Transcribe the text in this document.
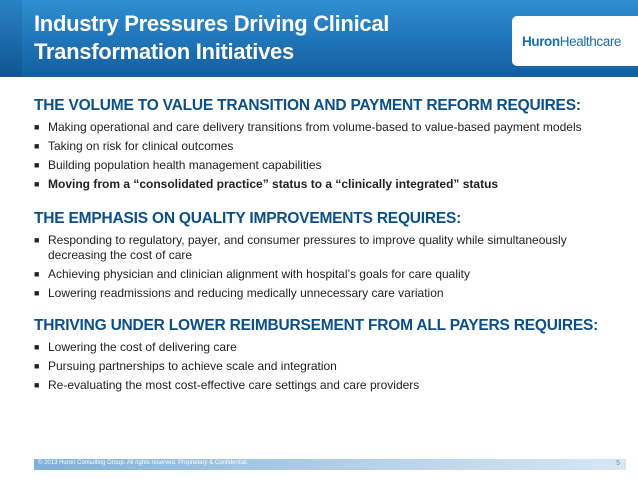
Industry Pressures Driving Clinical
Transformation Initiatives	HuronHealthcare
THE VOLUME TO VALUE TRANSITION AND PAYMENT REFORM REQUIRES:
■ Making operational and care delivery transitions from volume-based to value-based payment models
■ Taking on risk for clinical outcomes
■ Building population health management capabilities
■ Moving from a “consolidated practice” status to a “clinically integrated” status
THE EMPHASIS ON QUALITY IMPROVEMENTS REQUIRES:
■ Responding to regulatory, payer, and consumer pressures to improve quality while simultaneously decreasing the cost of care
■ Achieving physician and clinician alignment with hospital’s goals for care quality
■ Lowering readmissions and reducing medically unnecessary care variation
THRIVING UNDER LOWER REIMBURSEMENT FROM ALL PAYERS REQUIRES:
■ Lowering the cost of delivering care
■ Pursuing partnerships to achieve scale and integration
■ Re-evaluating the most cost-effective care settings and care providers
© 2013 Huron Consulting Group. All rights reserved. Proprietary & Confidential.	5
